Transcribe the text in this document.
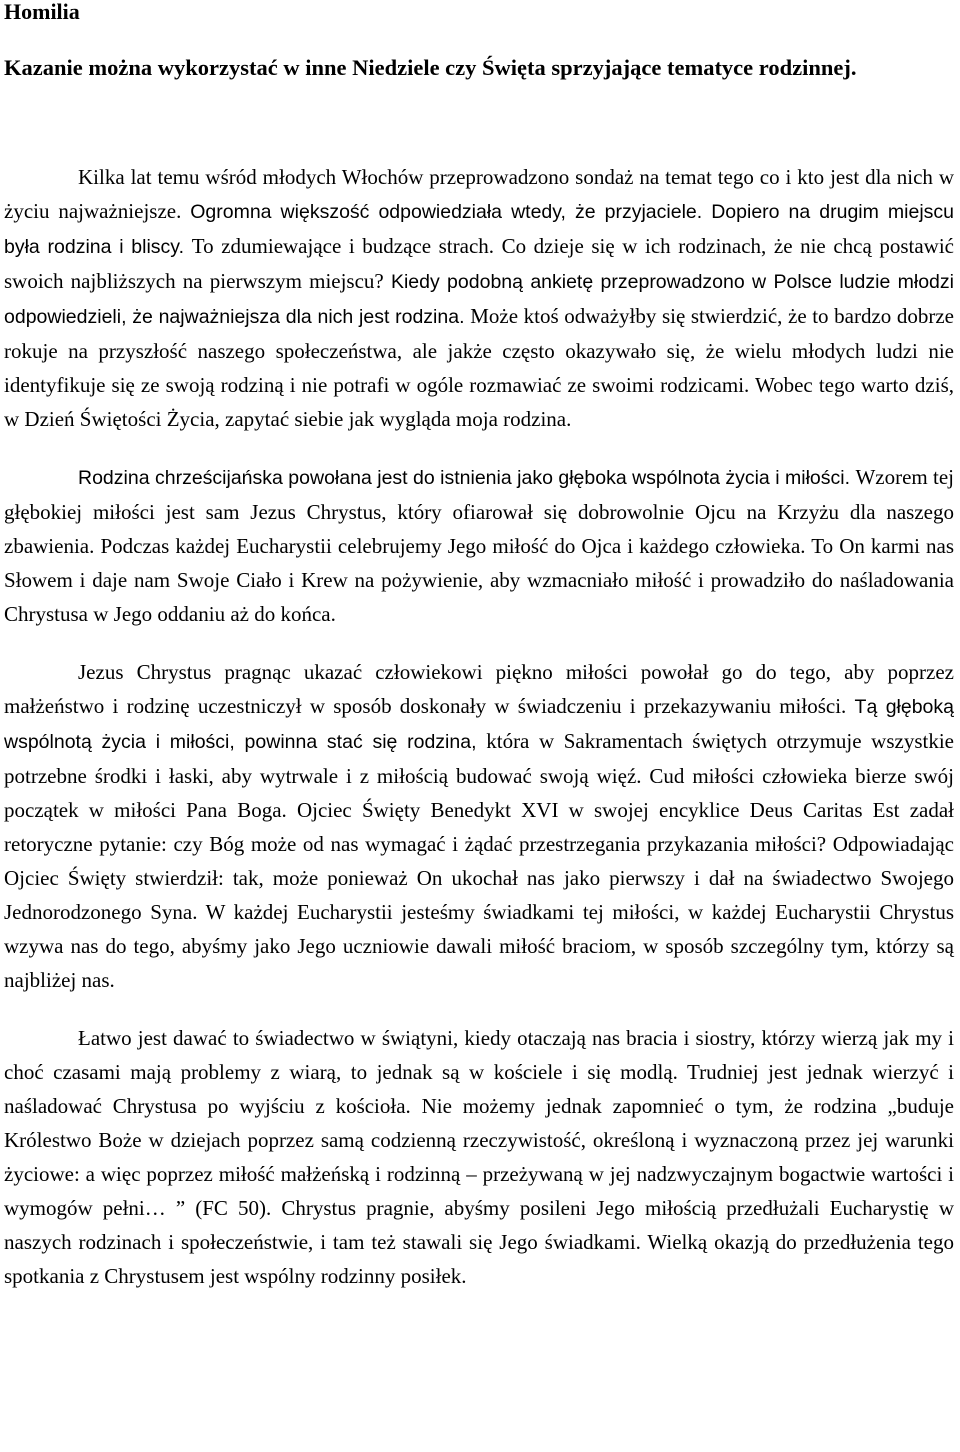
Homilia

Kazanie można wykorzystać w inne Niedziele czy Święta sprzyjające tematyce rodzinnej.

Kilka lat temu wśród młodych Włochów przeprowadzono sondaż na temat tego co i kto jest dla nich w życiu najważniejsze. Ogromna większość odpowiedziała wtedy, że przyjaciele. Dopiero na drugim miejscu była rodzina i bliscy. To zdumiewające i budzące strach. Co dzieje się w ich rodzinach, że nie chcą postawić swoich najbliższych na pierwszym miejscu? Kiedy podobną ankietę przeprowadzono w Polsce ludzie młodzi odpowiedzieli, że najważniejsza dla nich jest rodzina. Może ktoś odważyłby się stwierdzić, że to bardzo dobrze rokuje na przyszłość naszego społeczeństwa, ale jakże często okazywało się, że wielu młodych ludzi nie identyfikuje się ze swoją rodziną i nie potrafi w ogóle rozmawiać ze swoimi rodzicami. Wobec tego warto dziś, w Dzień Świętości Życia, zapytać siebie jak wygląda moja rodzina.

Rodzina chrześcijańska powołana jest do istnienia jako głęboka wspólnota życia i miłości. Wzorem tej głębokiej miłości jest sam Jezus Chrystus, który ofiarował się dobrowolnie Ojcu na Krzyżu dla naszego zbawienia. Podczas każdej Eucharystii celebrujemy Jego miłość do Ojca i każdego człowieka. To On karmi nas Słowem i daje nam Swoje Ciało i Krew na pożywienie, aby wzmacniało miłość i prowadziło do naśladowania Chrystusa w Jego oddaniu aż do końca.

Jezus Chrystus pragnąc ukazać człowiekowi piękno miłości powołał go do tego, aby poprzez małżeństwo i rodzinę uczestniczył w sposób doskonały w świadczeniu i przekazywaniu miłości. Tą głęboką wspólnotą życia i miłości, powinna stać się rodzina, która w Sakramentach świętych otrzymuje wszystkie potrzebne środki i łaski, aby wytrwale i z miłością budować swoją więź. Cud miłości człowieka bierze swój początek w miłości Pana Boga. Ojciec Święty Benedykt XVI w swojej encyklice Deus Caritas Est zadał retoryczne pytanie: czy Bóg może od nas wymagać i żądać przestrzegania przykazania miłości? Odpowiadając Ojciec Święty stwierdził: tak, może ponieważ On ukochał nas jako pierwszy i dał na świadectwo Swojego Jednorodzonego Syna. W każdej Eucharystii jesteśmy świadkami tej miłości, w każdej Eucharystii Chrystus wzywa nas do tego, abyśmy jako Jego uczniowie dawali miłość braciom, w sposób szczególny tym, którzy są najbliżej nas.

Łatwo jest dawać to świadectwo w świątyni, kiedy otaczają nas bracia i siostry, którzy wierzą jak my i choć czasami mają problemy z wiarą, to jednak są w kościele i się modlą. Trudniej jest jednak wierzyć i naśladować Chrystusa po wyjściu z kościoła. Nie możemy jednak zapomnieć o tym, że rodzina „buduje Królestwo Boże w dziejach poprzez samą codzienną rzeczywistość, określoną i wyznaczoną przez jej warunki życiowe: a więc poprzez miłość małżeńską i rodzinną – przeżywaną w jej nadzwyczajnym bogactwie wartości i wymogów pełni… ” (FC 50). Chrystus pragnie, abyśmy posileni Jego miłością przedłużali Eucharystię w naszych rodzinach i społeczeństwie, i tam też stawali się Jego świadkami. Wielką okazją do przedłużenia tego spotkania z Chrystusem jest wspólny rodzinny posiłek.
